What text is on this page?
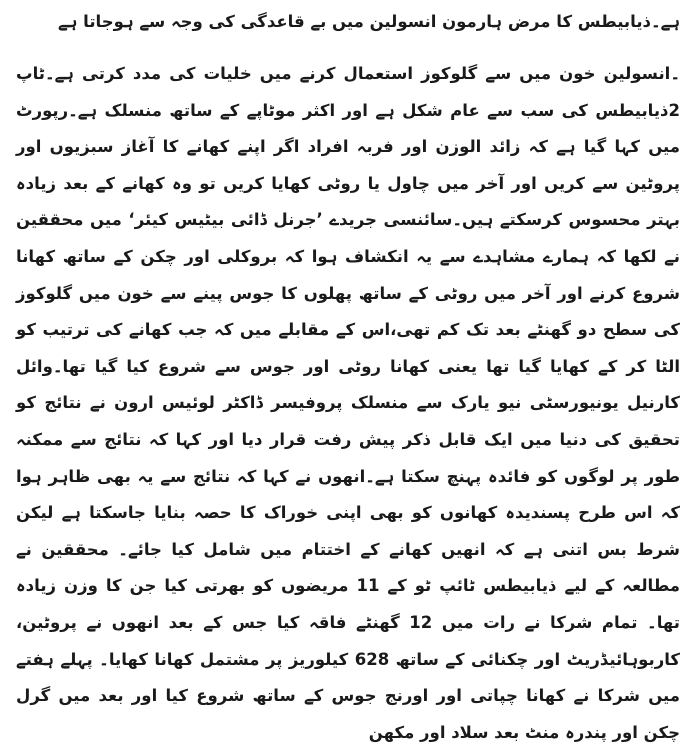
ہے۔ذیابیطس کا مرض ہارمون انسولین میں بے قاعدگی کی وجہ سے ہوجاتا ہے

۔انسولین خون میں سے گلوکوز استعمال کرنے میں خلیات کی مدد کرتی ہے۔ٹاپ 2ذیابیطس کی سب سے عام شکل ہے اور اکثر موٹاپے کے ساتھ منسلک ہے۔رپورٹ میں کہا گیا ہے کہ زائد الوزن اور فربہ افراد اگر اپنے کھانے کا آغاز سبزیوں اور پروٹین سے کریں اور آخر میں چاول یا روٹی کھایا کریں تو وہ کھانے کے بعد زیادہ بہتر محسوس کرسکتے ہیں۔سائنسی جریدے ’جرنل ڈائی بیٹیس کیئر‘ میں محققین نے لکھا کہ ہمارے مشاہدے سے یہ انکشاف ہوا کہ بروکلی اور چکن کے ساتھ کھانا شروع کرنے اور آخر میں روٹی کے ساتھ پھلوں کا جوس پینے سے خون میں گلوکوز کی سطح دو گھنٹے بعد تک کم تھی،اس کے مقابلے میں کہ جب کھانے کی ترتیب کو الٹا کر کے کھایا گیا تھا یعنی کھانا روٹی اور جوس سے شروع کیا گیا تھا۔وائل کارنیل یونیورسٹی نیو یارک سے منسلک پروفیسر ڈاکٹر لوئیس ارون نے نتائج کو تحقیق کی دنیا میں ایک قابل ذکر پیش رفت قرار دیا اور کہا کہ نتائج سے ممکنہ طور پر لوگوں کو فائدہ پہنچ سکتا ہے۔انھوں نے کہا کہ نتائج سے یہ بھی ظاہر ہوا کہ اس طرح پسندیدہ کھانوں کو بھی اپنی خوراک کا حصہ بنایا جاسکتا ہے لیکن شرط بس اتنی ہے کہ انھیں کھانے کے اختتام میں شامل کیا جائے۔ محققین نے مطالعہ کے لیے ذیابیطس ٹائپ ٹو کے 11 مریضوں کو بھرتی کیا جن کا وزن زیادہ تھا۔ تمام شرکا نے رات میں 12 گھنٹے فاقہ کیا جس کے بعد انھوں نے پروٹین، کاربوہائیڈریٹ اور چکنائی کے ساتھ 628 کیلوریز پر مشتمل کھانا کھایا۔ پہلے ہفتے میں شرکا نے کھانا چپاتی اور اورنج جوس کے ساتھ شروع کیا اور بعد میں گرل چکن اور پندرہ منٹ بعد سلاد اور مکھن
